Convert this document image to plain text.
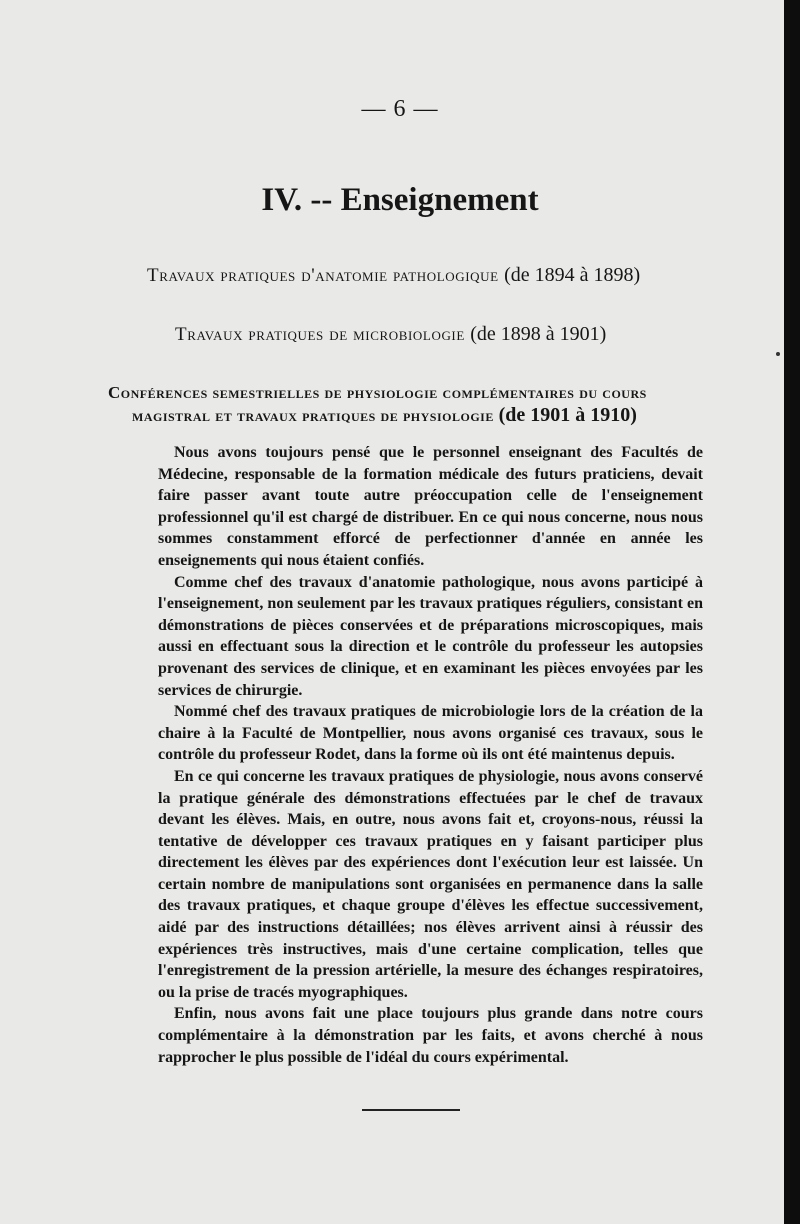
— 6 —
IV. -- Enseignement
Travaux pratiques d'anatomie pathologique (de 1894 à 1898)
Travaux pratiques de microbiologie (de 1898 à 1901)
Conférences semestrielles de physiologie complémentaires du cours
magistral et travaux pratiques de physiologie (de 1901 à 1910)

Nous avons toujours pensé que le personnel enseignant des Facultés de Médecine, responsable de la formation médicale des futurs praticiens, devait faire passer avant toute autre préoccupation celle de l'enseignement professionnel qu'il est chargé de distribuer. En ce qui nous concerne, nous nous sommes constamment efforcé de perfectionner d'année en année les enseignements qui nous étaient confiés.

Comme chef des travaux d'anatomie pathologique, nous avons participé à l'enseignement, non seulement par les travaux pratiques réguliers, consistant en démonstrations de pièces conservées et de préparations microscopiques, mais aussi en effectuant sous la direction et le contrôle du professeur les autopsies provenant des services de clinique, et en examinant les pièces envoyées par les services de chirurgie.

Nommé chef des travaux pratiques de microbiologie lors de la création de la chaire à la Faculté de Montpellier, nous avons organisé ces travaux, sous le contrôle du professeur Rodet, dans la forme où ils ont été maintenus depuis.

En ce qui concerne les travaux pratiques de physiologie, nous avons conservé la pratique générale des démonstrations effectuées par le chef de travaux devant les élèves. Mais, en outre, nous avons fait et, croyons-nous, réussi la tentative de développer ces travaux pratiques en y faisant participer plus directement les élèves par des expériences dont l'exécution leur est laissée. Un certain nombre de manipulations sont organisées en permanence dans la salle des travaux pratiques, et chaque groupe d'élèves les effectue successivement, aidé par des instructions détaillées; nos élèves arrivent ainsi à réussir des expériences très instructives, mais d'une certaine complication, telles que l'enregistrement de la pression artérielle, la mesure des échanges respiratoires, ou la prise de tracés myographiques.

Enfin, nous avons fait une place toujours plus grande dans notre cours complémentaire à la démonstration par les faits, et avons cherché à nous rapprocher le plus possible de l'idéal du cours expérimental.
